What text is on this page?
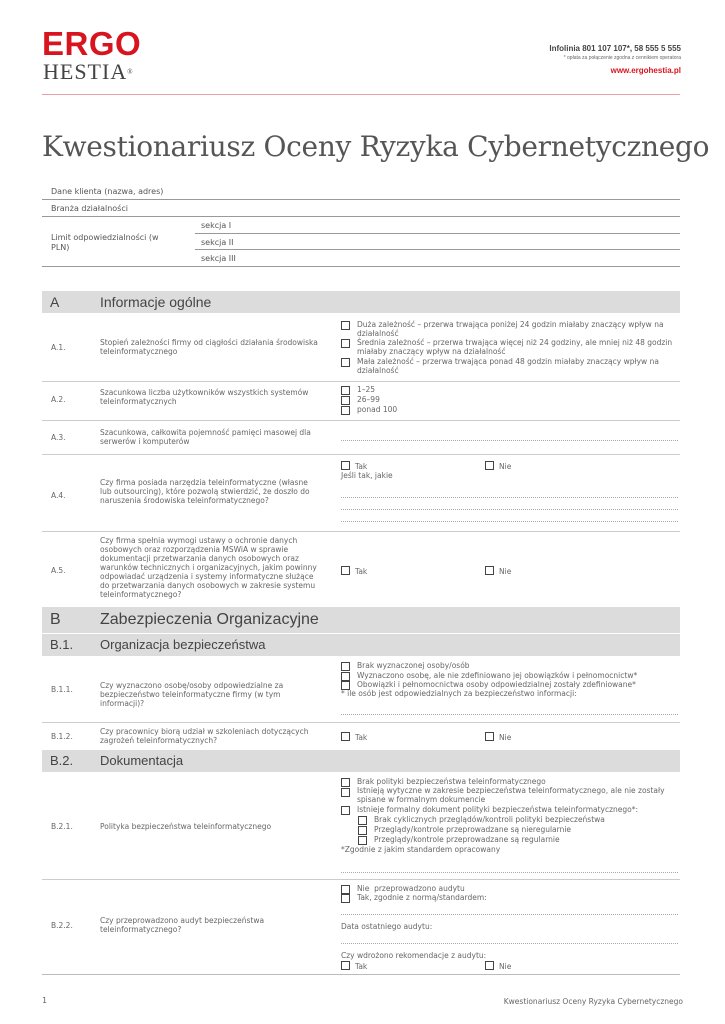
ERGO
HESTIA®
Infolinia 801 107 107*, 58 555 5 555
* opłata za połączenie zgodna z cennikiem operatora
www.ergohestia.pl
Kwestionariusz Oceny Ryzyka Cybernetycznego
Dane klienta (nazwa, adres)
Branża działalności
Limit odpowiedzialności (w PLN)
sekcja I
sekcja II
sekcja III
A	Informacje ogólne
A.1.
Stopień zależności firmy od ciągłości działania środowiska teleinformatycznego
Duża zależność – przerwa trwająca poniżej 24 godzin miałaby znaczący wpływ na działalność
Średnia zależność – przerwa trwająca więcej niż 24 godziny, ale mniej niż 48 godzin miałaby znaczący wpływ na działalność
Mała zależność – przerwa trwająca ponad 48 godzin miałaby znaczący wpływ na działalność
A.2.
Szacunkowa liczba użytkowników wszystkich systemów teleinformatycznych
1–25
26–99
ponad 100
A.3.
Szacunkowa, całkowita pojemność pamięci masowej dla serwerów i komputerów
A.4.
Czy firma posiada narzędzia teleinformatyczne (własne lub outsourcing), które pozwolą stwierdzić, że doszło do naruszenia środowiska teleinformatycznego?
Tak	Nie
Jeśli tak, jakie
A.5.
Czy firma spełnia wymogi ustawy o ochronie danych osobowych oraz rozporządzenia MSWiA w sprawie dokumentacji przetwarzania danych osobowych oraz warunków technicznych i organizacyjnych, jakim powinny odpowiadać urządzenia i systemy informatyczne służące do przetwarzania danych osobowych w zakresie systemu teleinformatycznego?
Tak	Nie
B Zabezpieczenia Organizacyjne
B.1. Organizacja bezpieczeństwa
B.1.1.	Czy wyznaczono osobę/osoby odpowiedzialne za bezpieczeństwo teleinformatyczne firmy (w tym informacji)?
Brak wyznaczonej osoby/osób
Wyznaczono osobę, ale nie zdefiniowano jej obowiązków i pełnomocnictw*
Obowiązki i pełnomocnictwa osoby odpowiedzialnej zostały zdefiniowane*
* ile osób jest odpowiedzialnych za bezpieczeństwo informacji:
B.1.2.
Czy pracownicy biorą udział w szkoleniach dotyczących zagrożeń teleinformatycznych?	Tak	Nie
B.2. Dokumentacja
B.2.1.	Polityka bezpieczeństwa teleinformatycznego
Brak polityki bezpieczeństwa teleinformatycznego
Istnieją wytyczne w zakresie bezpieczeństwa teleinformatycznego, ale nie zostały spisane w formalnym dokumencie
Istnieje formalny dokument polityki bezpieczeństwa teleinformatycznego*:
Brak cyklicznych przeglądów/kontroli polityki bezpieczeństwa
Przeglądy/kontrole przeprowadzane są nieregularnie
Przeglądy/kontrole przeprowadzane są regularnie
*Zgodnie z jakim standardem opracowany
B.2.2.
Czy przeprowadzono audyt bezpieczeństwa teleinformatycznego?
Nie  przeprowadzono audytu
Tak, zgodnie z normą/standardem:
Data ostatniego audytu:
Czy wdrożono rekomendacje z audytu:
Tak	Nie
1	Kwestionariusz Oceny Ryzyka Cybernetycznego
